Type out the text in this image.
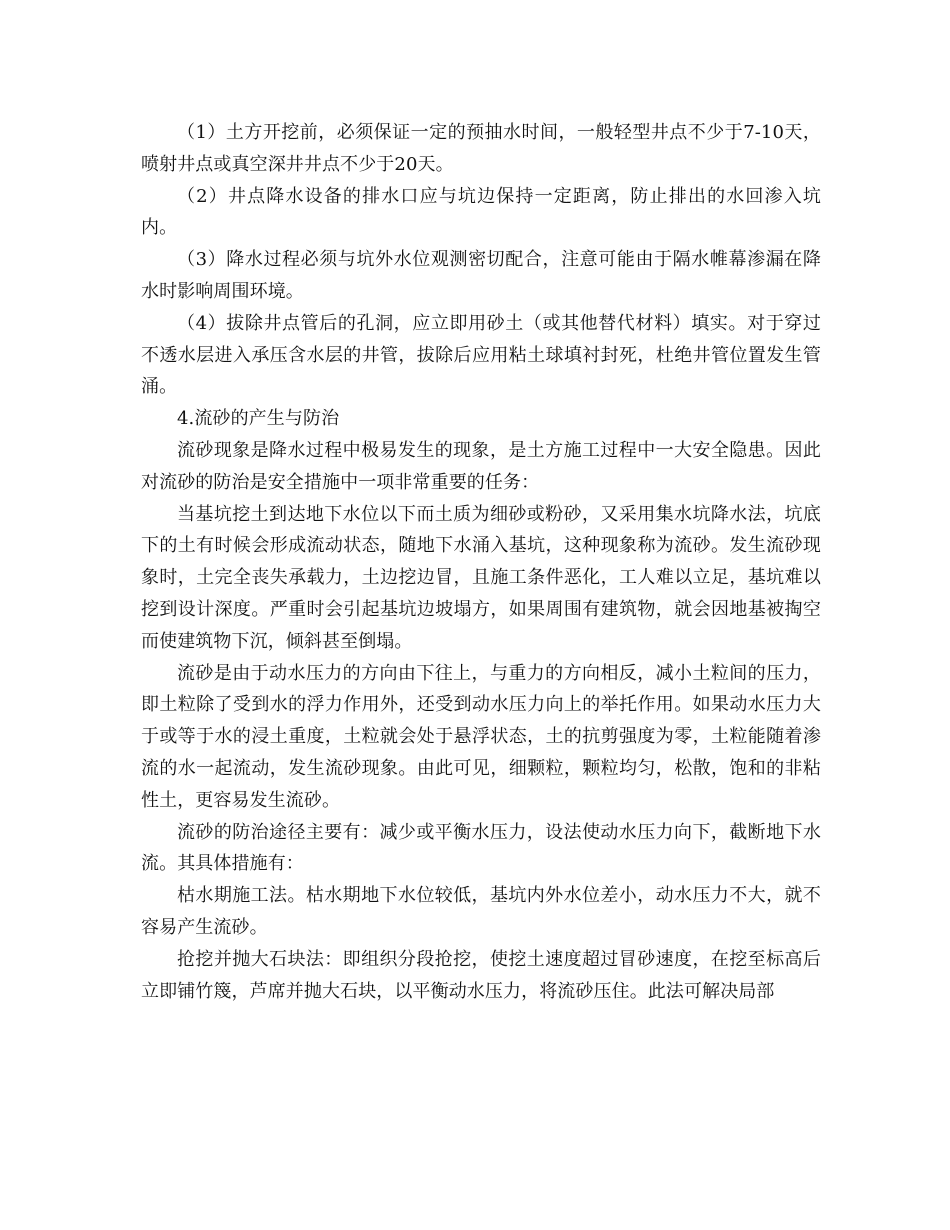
（1）土方开挖前，必须保证一定的预抽水时间，一般轻型井点不少于7-10天，喷射井点或真空深井井点不少于20天。

（2）井点降水设备的排水口应与坑边保持一定距离，防止排出的水回渗入坑内。

（3）降水过程必须与坑外水位观测密切配合，注意可能由于隔水帷幕渗漏在降水时影响周围环境。

（4）拔除井点管后的孔洞，应立即用砂土（或其他替代材料）填实。对于穿过不透水层进入承压含水层的井管，拔除后应用粘土球填衬封死，杜绝井管位置发生管涌。

4.流砂的产生与防治

流砂现象是降水过程中极易发生的现象，是土方施工过程中一大安全隐患。因此对流砂的防治是安全措施中一项非常重要的任务：

当基坑挖土到达地下水位以下而土质为细砂或粉砂，又采用集水坑降水法，坑底下的土有时候会形成流动状态，随地下水涌入基坑，这种现象称为流砂。发生流砂现象时，土完全丧失承载力，土边挖边冒，且施工条件恶化，工人难以立足，基坑难以挖到设计深度。严重时会引起基坑边坡塌方，如果周围有建筑物，就会因地基被掏空而使建筑物下沉，倾斜甚至倒塌。

流砂是由于动水压力的方向由下往上，与重力的方向相反，减小土粒间的压力，即土粒除了受到水的浮力作用外，还受到动水压力向上的举托作用。如果动水压力大于或等于水的浸土重度，土粒就会处于悬浮状态，土的抗剪强度为零，土粒能随着渗流的水一起流动，发生流砂现象。由此可见，细颗粒，颗粒均匀，松散，饱和的非粘性土，更容易发生流砂。

流砂的防治途径主要有：减少或平衡水压力，设法使动水压力向下，截断地下水流。其具体措施有：

枯水期施工法。枯水期地下水位较低，基坑内外水位差小，动水压力不大，就不容易产生流砂。

抢挖并抛大石块法：即组织分段抢挖，使挖土速度超过冒砂速度，在挖至标高后立即铺竹篾，芦席并抛大石块，以平衡动水压力，将流砂压住。此法可解决局部
